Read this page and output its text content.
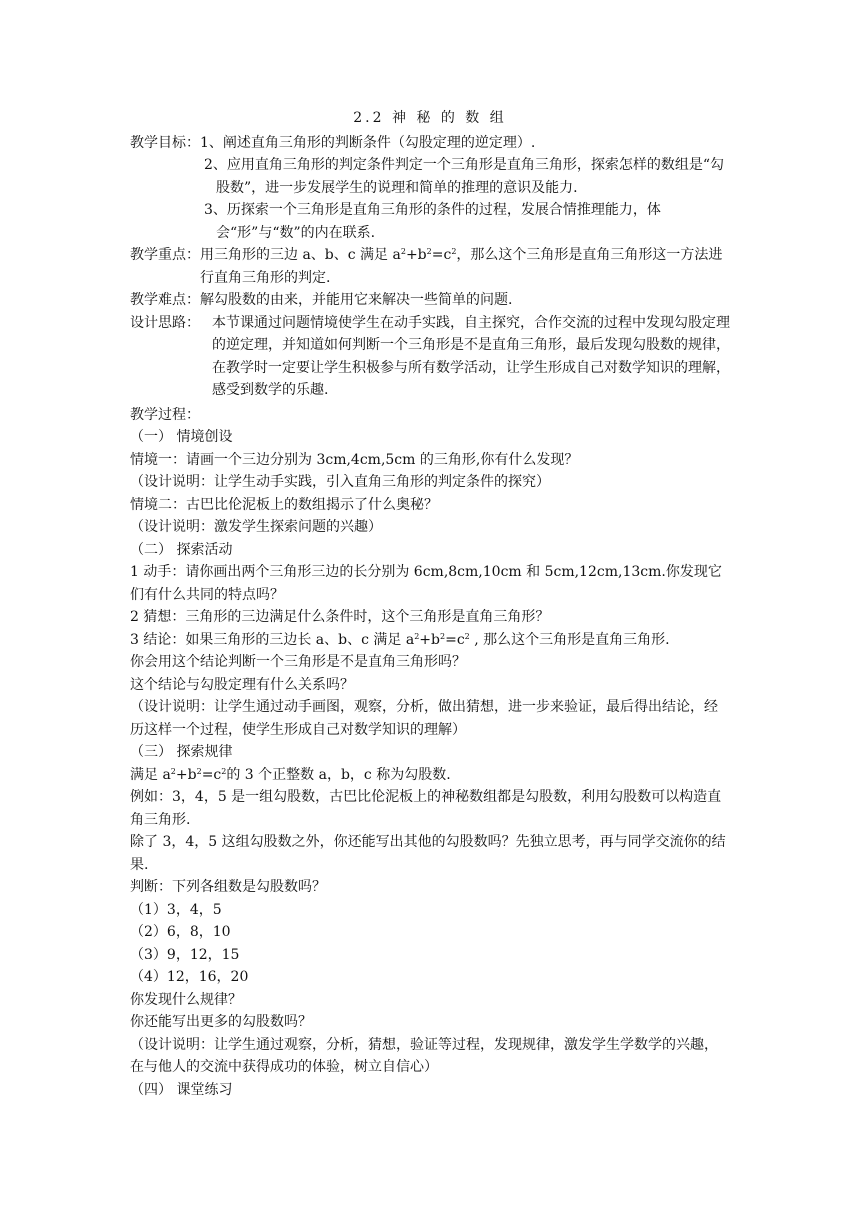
2.2 神 秘 的 数 组

教学目标： 1、阐述直角三角形的判断条件（勾股定理的逆定理）.

2、应用直角三角形的判定条件判定一个三角形是直角三角形，探索怎样的数组是“勾股数”，进一步发展学生的说理和简单的推理的意识及能力.

3、历探索一个三角形是直角三角形的条件的过程，发展合情推理能力，体会“形”与“数”的内在联系.

教学重点： 用三角形的三边 a、b、c 满足 $a^2+b^2=c^2$，那么这个三角形是直角三角形这一方法进行直角三角形的判定.
教学难点： 解勾股数的由来，并能用它来解决一些简单的问题.
设计思路： 本节课通过问题情境使学生在动手实践，自主探究，合作交流的过程中发现勾股定理的逆定理，并知道如何判断一个三角形是不是直角三角形，最后发现勾股数的规律，在教学时一定要让学生积极参与所有数学活动，让学生形成自己对数学知识的理解，感受到数学的乐趣.

教学过程：

（一） 情境创设

情境一：请画一个三边分别为 3cm,4cm,5cm 的三角形,你有什么发现？

（设计说明：让学生动手实践，引入直角三角形的判定条件的探究）

情境二：古巴比伦泥板上的数组揭示了什么奥秘？

（设计说明：激发学生探索问题的兴趣）

（二） 探索活动

1 动手：请你画出两个三角形三边的长分别为 6cm,8cm,10cm 和 5cm,12cm,13cm.你发现它们有什么共同的特点吗？

2 猜想：三角形的三边满足什么条件时，这个三角形是直角三角形？

3 结论：如果三角形的三边长 a、b、c 满足 $a^2+b^2=c^2$ , 那么这个三角形是直角三角形.

你会用这个结论判断一个三角形是不是直角三角形吗？

这个结论与勾股定理有什么关系吗？

（设计说明：让学生通过动手画图，观察，分析，做出猜想，进一步来验证，最后得出结论，经历这样一个过程，使学生形成自己对数学知识的理解）

（三） 探索规律

满足 $a^2+b^2=c^2$的 3 个正整数 a，b，c 称为勾股数.

例如：3，4，5 是一组勾股数，古巴比伦泥板上的神秘数组都是勾股数，利用勾股数可以构造直角三角形.

除了 3，4，5 这组勾股数之外，你还能写出其他的勾股数吗？先独立思考，再与同学交流你的结果.

判断：下列各组数是勾股数吗？

（1）3，4，5

（2）6，8，10

（3）9，12，15

（4）12，16，20

你发现什么规律？

你还能写出更多的勾股数吗？

（设计说明：让学生通过观察，分析，猜想，验证等过程，发现规律，激发学生学数学的兴趣，在与他人的交流中获得成功的体验，树立自信心）

（四） 课堂练习
